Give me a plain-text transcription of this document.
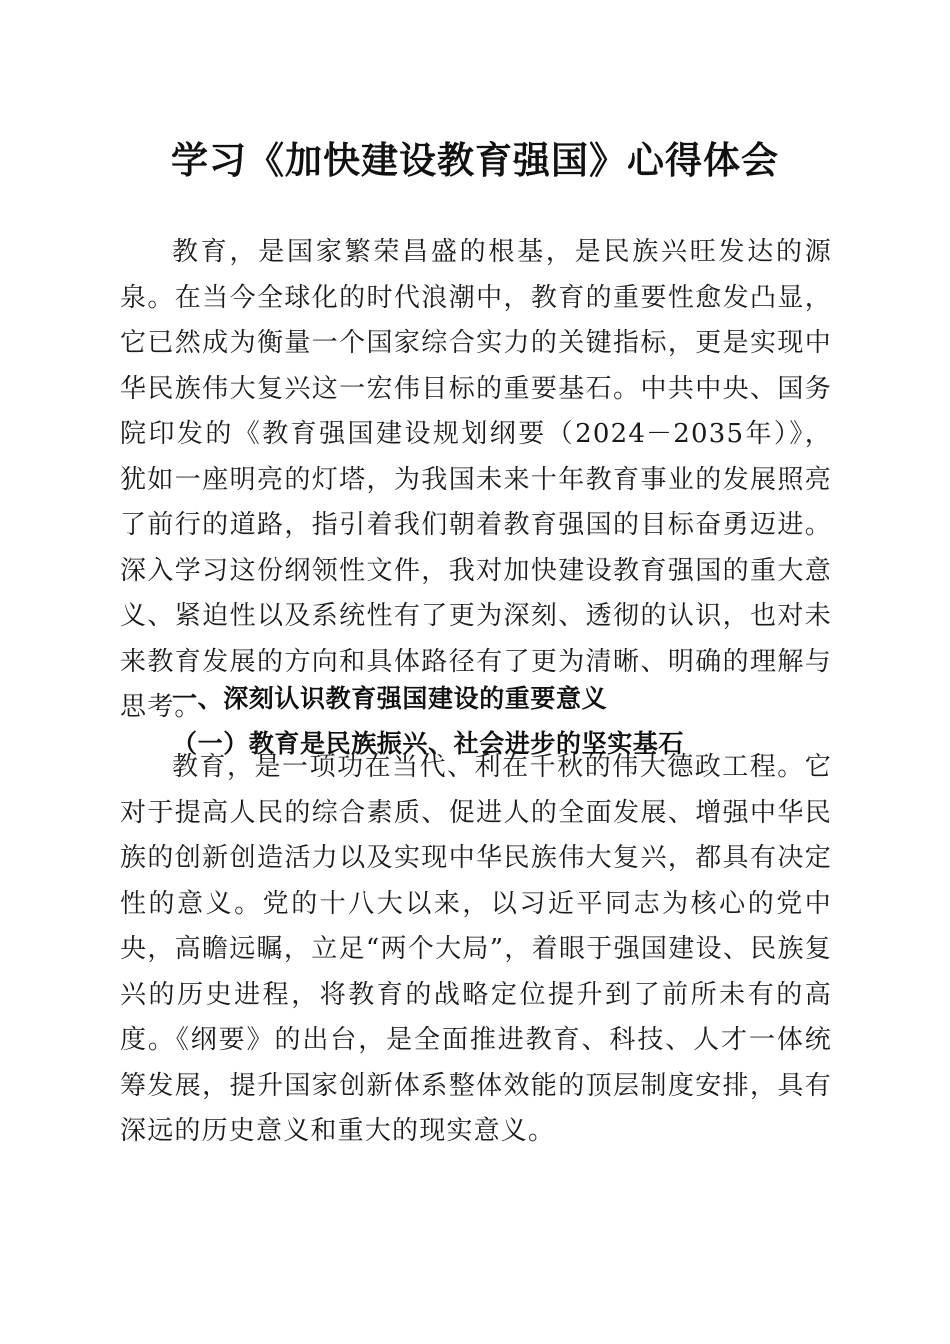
学习《加快建设教育强国》心得体会
教育，是国家繁荣昌盛的根基，是民族兴旺发达的源泉。在当今全球化的时代浪潮中，教育的重要性愈发凸显，它已然成为衡量一个国家综合实力的关键指标，更是实现中华民族伟大复兴这一宏伟目标的重要基石。中共中央、国务院印发的《教育强国建设规划纲要（2024－2035年）》，犹如一座明亮的灯塔，为我国未来十年教育事业的发展照亮了前行的道路，指引着我们朝着教育强国的目标奋勇迈进。深入学习这份纲领性文件，我对加快建设教育强国的重大意义、紧迫性以及系统性有了更为深刻、透彻的认识，也对未来教育发展的方向和具体路径有了更为清晰、明确的理解与思考。
一、深刻认识教育强国建设的重要意义
（一）教育是民族振兴、社会进步的坚实基石
教育，是一项功在当代、利在千秋的伟大德政工程。它对于提高人民的综合素质、促进人的全面发展、增强中华民族的创新创造活力以及实现中华民族伟大复兴，都具有决定性的意义。党的十八大以来，以习近平同志为核心的党中央，高瞻远瞩，立足“两个大局”，着眼于强国建设、民族复兴的历史进程，将教育的战略定位提升到了前所未有的高度。《纲要》的出台，是全面推进教育、科技、人才一体统筹发展，提升国家创新体系整体效能的顶层制度安排，具有深远的历史意义和重大的现实意义。
